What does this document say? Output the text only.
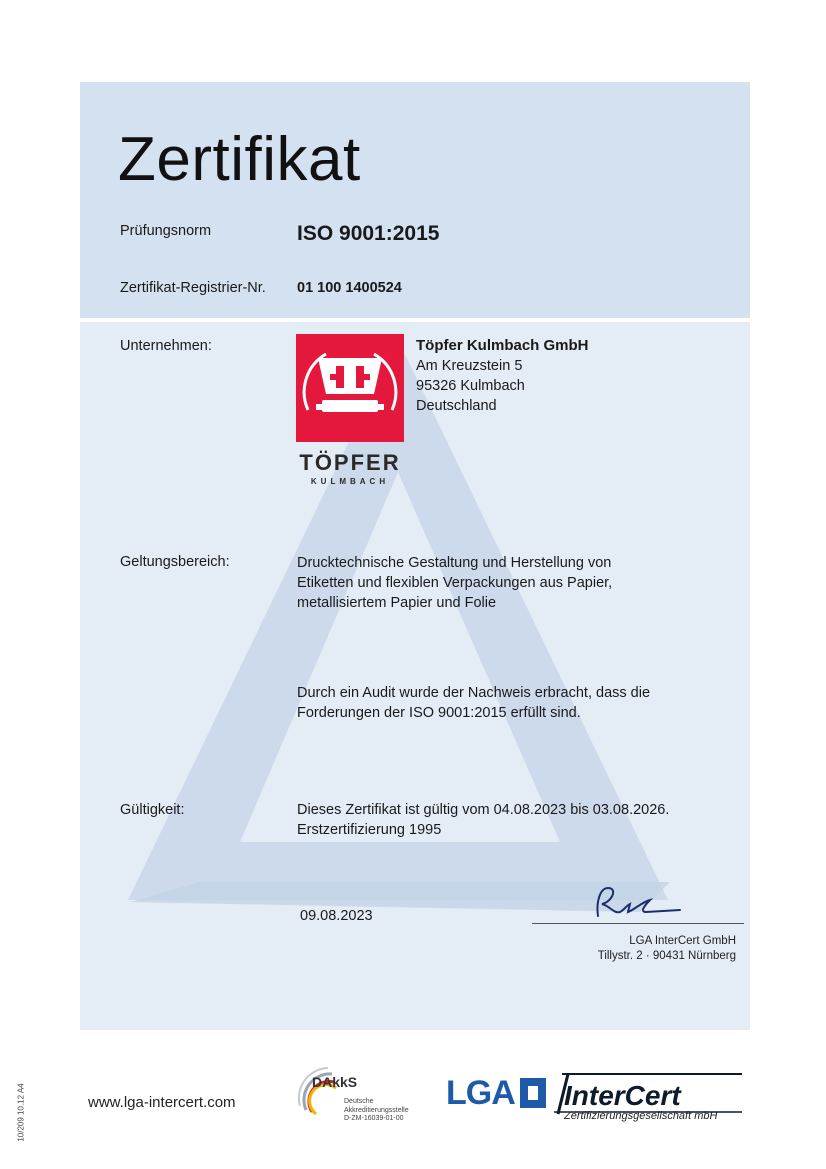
Zertifikat
Prüfungsnorm	ISO 9001:2015
Zertifikat-Registrier-Nr. 01 100 1400524
Unternehmen:
TÖPFER
KULMBACH
Töpfer Kulmbach GmbH
Am Kreuzstein 5
95326 Kulmbach
Deutschland
Geltungsbereich:	Drucktechnische Gestaltung und Herstellung von
Etiketten und flexiblen Verpackungen aus Papier,
metallisiertem Papier und Folie
Durch ein Audit wurde der Nachweis erbracht, dass die
Forderungen der ISO 9001:2015 erfüllt sind.
Gültigkeit:	Dieses Zertifikat ist gültig vom 04.08.2023 bis 03.08.2026.
Erstzertifizierung 1995
09.08.2023
LGA InterCert GmbH
Tillystr. 2 · 90431 Nürnberg
www.lga-intercert.com
10/209 10.12 A4
DAkkS
Deutsche
Akkreditierungsstelle
D-ZM-16039-01-00
LGA InterCert
Zertifizierungsgesellschaft mbH
